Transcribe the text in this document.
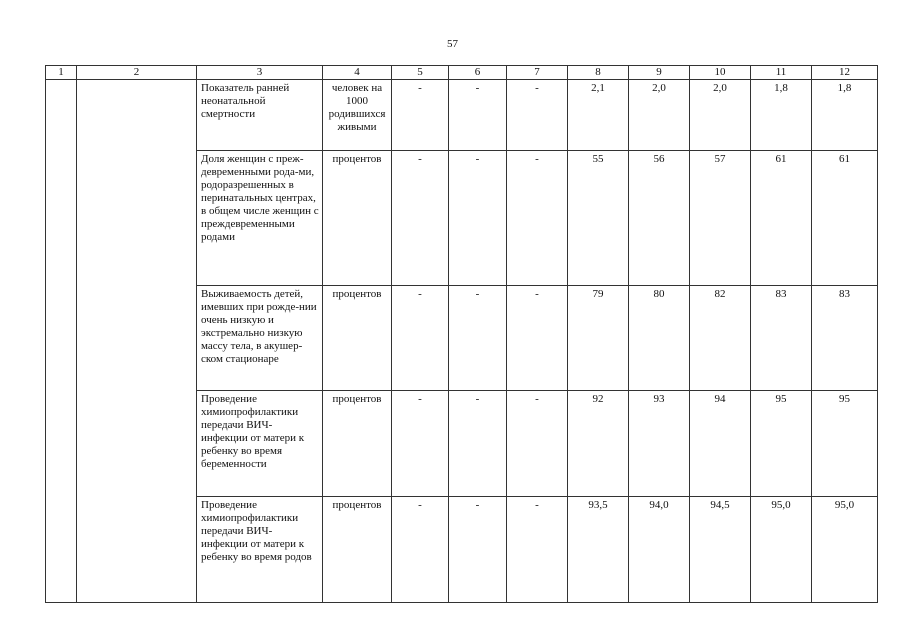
57
1	2	3	4	5	6	7	8	9	10	11	12
		Показатель ранней неонатальной смертности	человек на 1000 родившихся живыми	-	-	-	2,1	2,0	2,0	1,8	1,8
		Доля женщин с преж-девременными рода-ми, родоразрешенных в перинатальных центрах, в общем числе женщин с преждевременными родами	процентов	-	-	-	55	56	57	61	61
		Выживаемость детей, имевших при рожде-нии очень низкую и экстремально низкую массу тела, в акушер-ском стационаре	процентов	-	-	-	79	80	82	83	83
		Проведение химиопрофилактики передачи ВИЧ-инфекции от матери к ребенку во время беременности	процентов	-	-	-	92	93	94	95	95
		Проведение химиопрофилактики передачи ВИЧ-инфекции от матери к ребенку во время родов	процентов	-	-	-	93,5	94,0	94,5	95,0	95,0
